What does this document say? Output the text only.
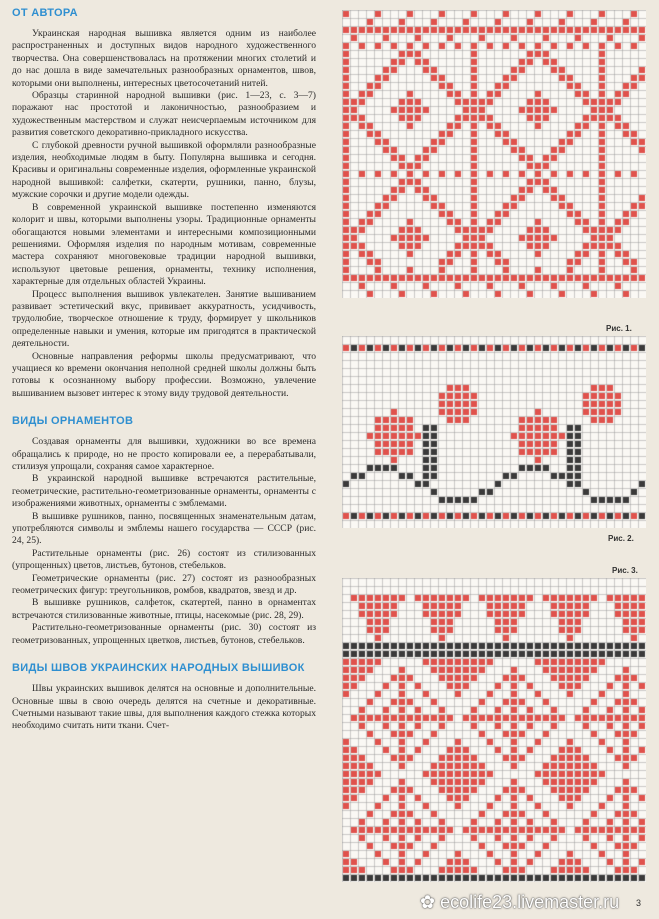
ОТ АВТОРА

Украинская народная вышивка является одним из наиболее распространенных и доступных видов народного художественного творчества. Она совершенствовалась на протяжении многих столетий и до нас дошла в виде замечательных разнообразных орнаментов, швов, которыми они выполнены, интересных цветосочетаний нитей.

Образцы старинной народной вышивки (рис. 1—23, с. 3—7) поражают нас простотой и лаконичностью, разнообразием и художественным мастерством и служат неисчерпаемым источником для развития советского декоративно-прикладного искусства.

С глубокой древности ручной вышивкой оформляли разнообразные изделия, необходимые людям в быту. Популярна вышивка и сегодня. Красивы и оригинальны современные изделия, оформленные украинской народной вышивкой: салфетки, скатерти, рушники, панно, блузы, мужские сорочки и другие модели одежды.

В современной украинской вышивке постепенно изменяются колорит и швы, которыми выполнены узоры. Традиционные орнаменты обогащаются новыми элементами и интересными композиционными решениями. Оформляя изделия по народным мотивам, современные мастера сохраняют многовековые традиции народной вышивки, используют цветовые решения, орнаменты, технику исполнения, характерные для отдельных областей Украины.

Процесс выполнения вышивок увлекателен. Занятие вышиванием развивает эстетический вкус, прививает аккуратность, усидчивость, трудолюбие, творческое отношение к труду, формирует у школьников определенные навыки и умения, которые им пригодятся в практической деятельности.

Основные направления реформы школы предусматривают, что учащиеся ко времени окончания неполной средней школы должны быть готовы к осознанному выбору профессии. Возможно, увлечение вышиванием вызовет интерес к этому виду трудовой деятельности.

ВИДЫ ОРНАМЕНТОВ

Создавая орнаменты для вышивки, художники во все времена обращались к природе, но не просто копировали ее, а перерабатывали, стилизуя упрощали, сохраняя самое характерное.

В украинской народной вышивке встречаются растительные, геометрические, растительно-геометризованные орнаменты, орнаменты с изображениями животных, орнаменты с эмблемами.

В вышивке рушников, панно, посвященных знаменательным датам, употребляются символы и эмблемы нашего государства — СССР (рис. 24, 25).

Растительные орнаменты (рис. 26) состоят из стилизованных (упрощенных) цветов, листьев, бутонов, стебельков.

Геометрические орнаменты (рис. 27) состоят из разнообразных геометрических фигур: треугольников, ромбов, квадратов, звезд и др.

В вышивке рушников, салфеток, скатертей, панно в орнаментах встречаются стилизованные животные, птицы, насекомые (рис. 28, 29).

Растительно-геометризованные орнаменты (рис. 30) состоят из геометризованных, упрощенных цветков, листьев, бутонов, стебельков.

ВИДЫ ШВОВ УКРАИНСКИХ НАРОДНЫХ ВЫШИВОК

Швы украинских вышивок делятся на основные и дополнительные. Основные швы в свою очередь делятся на счетные и декоративные. Счетными называют такие швы, для выполнения каждого стежка которых необходимо считать нити ткани. Счет-

Рис. 1.
Рис. 2.
Рис. 3.
✿ ecolife23.livemaster.ru 3
